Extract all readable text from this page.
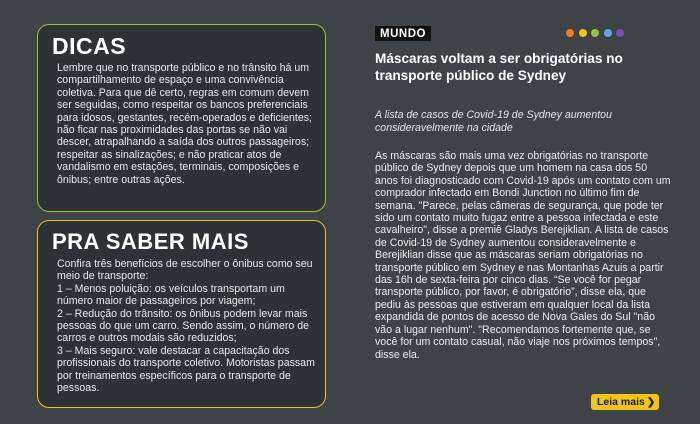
DICAS

Lembre que no transporte público e no trânsito há um compartilhamento de espaço e uma convivência coletiva. Para que dê certo, regras em comum devem ser seguidas, como respeitar os bancos preferenciais para idosos, gestantes, recém-operados e deficientes; não ficar nas proximidades das portas se não vai descer, atrapalhando a saída dos outros passageiros; respeitar as sinalizações; e não praticar atos de vandalismo em estações, terminais, composições e ônibus; entre outras ações.

PRA SABER MAIS

Confira três benefícios de escolher o ônibus como seu meio de transporte:

1 – Menos poluição: os veículos transportam um número maior de passageiros por viagem;

2 – Redução do trânsito: os ônibus podem levar mais pessoas do que um carro. Sendo assim, o número de carros e outros modais são reduzidos;

3 – Mais seguro: vale destacar a capacitação dos profissionais do transporte coletivo. Motoristas passam por treinamentos específicos para o transporte de pessoas.

MUNDO
Máscaras voltam a ser obrigatórias no transporte público de Sydney
A lista de casos de Covid-19 de Sydney aumentou consideravelmente na cidade
As máscaras são mais uma vez obrigatórias no transporte público de Sydney depois que um homem na casa dos 50 anos foi diagnosticado com Covid-19 após um contato com um comprador infectado em Bondi Junction no último fim de semana. "Parece, pelas câmeras de segurança, que pode ter sido um contato muito fugaz entre a pessoa infectada e este cavalheiro", disse a premiê Gladys Berejiklian. A lista de casos de Covid-19 de Sydney aumentou consideravelmente e Berejiklian disse que as máscaras seriam obrigatórias no transporte público em Sydney e nas Montanhas Azuis a partir das 16h de sexta-feira por cinco dias. “Se você for pegar transporte público, por favor, é obrigatório”, disse ela, que pediu às pessoas que estiveram em qualquer local da lista expandida de pontos de acesso de Nova Gales do Sul "não vão a lugar nenhum". "Recomendamos fortemente que, se você for um contato casual, não viaje nos próximos tempos", disse ela.
Leia mais ❯
